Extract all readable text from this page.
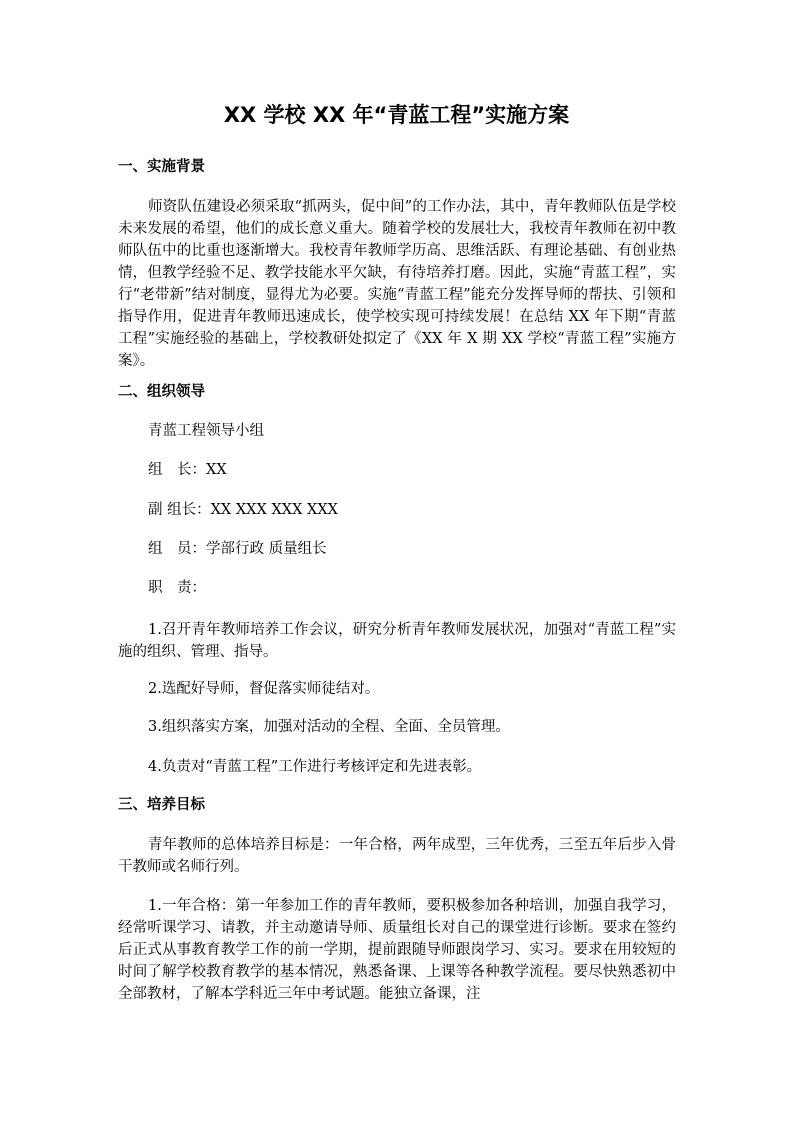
XX 学校 XX 年“青蓝工程”实施方案
一、实施背景
师资队伍建设必须采取“抓两头，促中间”的工作办法，其中，青年教师队伍是学校未来发展的希望，他们的成长意义重大。随着学校的发展壮大，我校青年教师在初中教师队伍中的比重也逐渐增大。我校青年教师学历高、思维活跃、有理论基础、有创业热情，但教学经验不足、教学技能水平欠缺，有待培养打磨。因此，实施“青蓝工程”，实行“老带新”结对制度，显得尤为必要。实施“青蓝工程”能充分发挥导师的帮扶、引领和指导作用，促进青年教师迅速成长，使学校实现可持续发展！在总结 XX 年下期“青蓝工程”实施经验的基础上，学校教研处拟定了《XX 年 X 期 XX 学校“青蓝工程”实施方案》。
二、组织领导
青蓝工程领导小组
组　长：XX
副 组长：XX XXX XXX XXX
组　员：学部行政 质量组长
职　责：
1.召开青年教师培养工作会议，研究分析青年教师发展状况，加强对“青蓝工程”实施的组织、管理、指导。
2.选配好导师，督促落实师徒结对。
3.组织落实方案，加强对活动的全程、全面、全员管理。
4.负责对“青蓝工程”工作进行考核评定和先进表彰。
三、培养目标
青年教师的总体培养目标是：一年合格，两年成型，三年优秀，三至五年后步入骨干教师或名师行列。
1.一年合格：第一年参加工作的青年教师，要积极参加各种培训，加强自我学习，经常听课学习、请教，并主动邀请导师、质量组长对自己的课堂进行诊断。要求在签约后正式从事教育教学工作的前一学期，提前跟随导师跟岗学习、实习。要求在用较短的时间了解学校教育教学的基本情况，熟悉备课、上课等各种教学流程。要尽快熟悉初中全部教材，了解本学科近三年中考试题。能独立备课，注
